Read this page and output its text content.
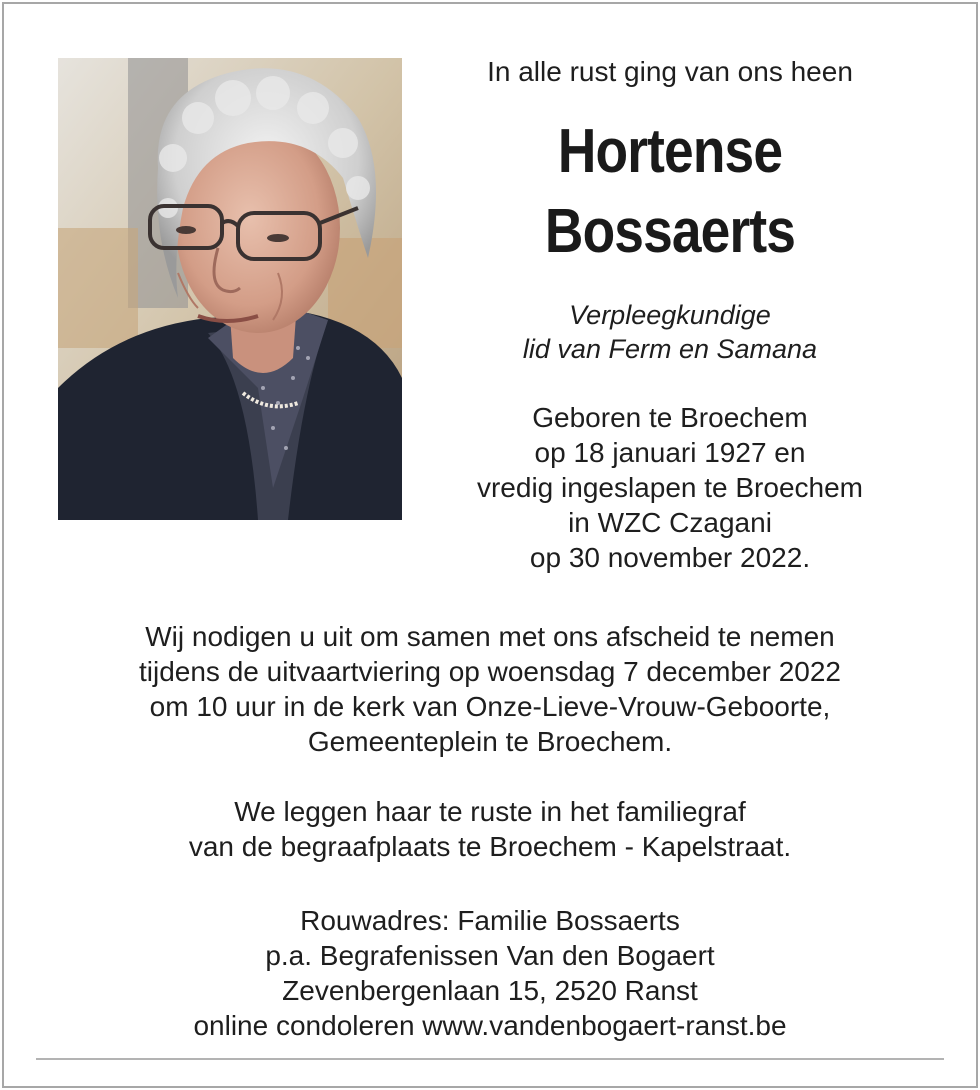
In alle rust ging van ons heen
Hortense
Bossaerts
Verpleegkundige
lid van Ferm en Samana
Geboren te Broechem
op 18 januari 1927 en
vredig ingeslapen te Broechem
in WZC Czagani
op 30 november 2022.
Wij nodigen u uit om samen met ons afscheid te nemen
tijdens de uitvaartviering op woensdag 7 december 2022
om 10 uur in de kerk van Onze-Lieve-Vrouw-Geboorte,
Gemeenteplein te Broechem.
We leggen haar te ruste in het familiegraf
van de begraafplaats te Broechem - Kapelstraat.
Rouwadres: Familie Bossaerts
p.a. Begrafenissen Van den Bogaert
Zevenbergenlaan 15, 2520 Ranst
online condoleren www.vandenbogaert-ranst.be
